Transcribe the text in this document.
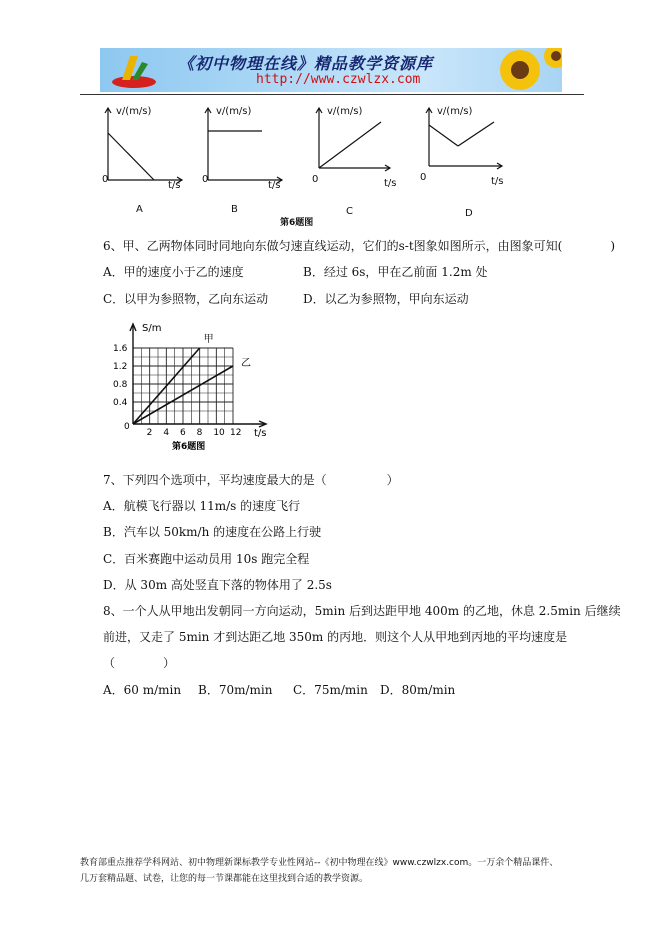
《初中物理在线》精品教学资源库
http://www.czwlzx.com
v/(m/s)
0
t/s
A
v/(m/s)
0
t/s
B
v/(m/s)
0	t/s
C
v/(m/s)
0	t/s
D
第6题图
6、甲、乙两物体同时同地向东做匀速直线运动，它们的s-t图象如图所示，由图象可知(　　　　)
A．甲的速度小于乙的速度	B．经过 6s，甲在乙前面 1.2m 处
C．以甲为参照物，乙向东运动	D．以乙为参照物，甲向东运动
2 4 6 8 10 12
1.6
1.2
0.8
0.4
甲
乙
S/m
t/s
0
第6题图
7、下列四个选项中，平均速度最大的是（　　　　　）
A．航模飞行器以 11m/s 的速度飞行
B．汽车以 50km/h 的速度在公路上行驶
C．百米赛跑中运动员用 10s 跑完全程
D．从 30m 高处竖直下落的物体用了 2.5s
8、一个人从甲地出发朝同一方向运动，5min 后到达距甲地 400m 的乙地，休息 2.5min 后继续
前进，又走了 5min 才到达距乙地 350m 的丙地．则这个人从甲地到丙地的平均速度是
（　　　　）
A．60 m/min B．70m/min C．75m/min D．80m/min
教育部重点推荐学科网站、初中物理新课标教学专业性网站--《初中物理在线》www.czwlzx.com。一万余个精品课件、
几万套精品题、试卷，让您的每一节课都能在这里找到合适的教学资源。
